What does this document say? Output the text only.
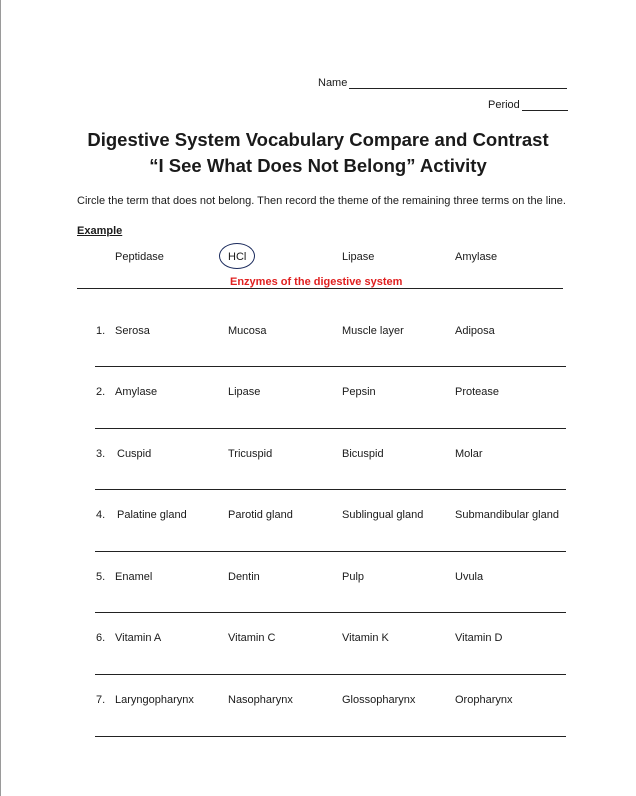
Name
Period
Digestive System Vocabulary Compare and Contrast
“I See What Does Not Belong” Activity

Circle the term that does not belong. Then record the theme of the remaining three terms on the line.

Example
Peptidase	HCl	Lipase	Amylase
Enzymes of the digestive system
1. Serosa	Mucosa	Muscle layer	Adiposa
2. Amylase	Lipase	Pepsin	Protease
3. Cuspid	Tricuspid	Bicuspid	Molar
4. Palatine gland	Parotid gland	Sublingual gland	Submandibular gland
5. Enamel	Dentin	Pulp	Uvula
6. Vitamin A	Vitamin C	Vitamin K	Vitamin D
7. Laryngopharynx	Nasopharynx	Glossopharynx	Oropharynx
